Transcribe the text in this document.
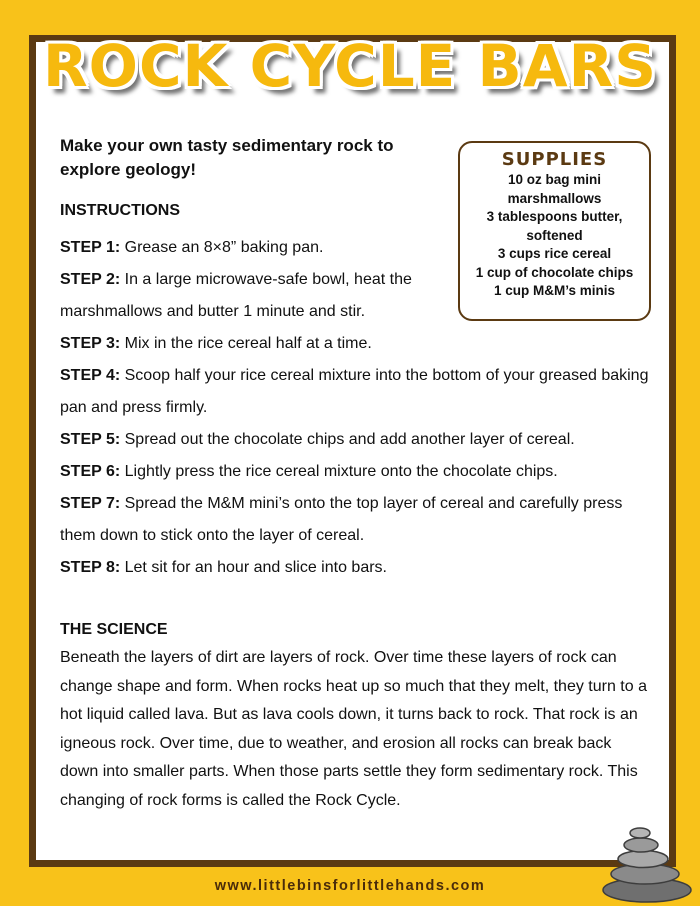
ROCK CYCLE BARS

Make your own tasty sedimentary rock to explore geology!

INSTRUCTIONS

STEP 1: Grease an 8×8” baking pan.
STEP 2: In a large microwave-safe bowl, heat the marshmallows and butter 1 minute and stir.
STEP 3: Mix in the rice cereal half at a time.
STEP 4: Scoop half your rice cereal mixture into the bottom of your greased baking pan and press firmly.
STEP 5: Spread out the chocolate chips and add another layer of cereal.
STEP 6: Lightly press the rice cereal mixture onto the chocolate chips.
STEP 7: Spread the M&M mini’s onto the top layer of cereal and carefully press them down to stick onto the layer of cereal.
STEP 8: Let sit for an hour and slice into bars.

THE SCIENCE

Beneath the layers of dirt are layers of rock. Over time these layers of rock can change shape and form. When rocks heat up so much that they melt, they turn to a hot liquid called lava. But as lava cools down, it turns back to rock. That rock is an igneous rock. Over time, due to weather, and erosion all rocks can break back down into smaller parts. When those parts settle they form sedimentary rock. This changing of rock forms is called the Rock Cycle.

SUPPLIES
10 oz bag mini marshmallows
3 tablespoons butter, softened
3 cups rice cereal
1 cup of chocolate chips
1 cup M&M’s minis
www.littlebinsforlittlehands.com
